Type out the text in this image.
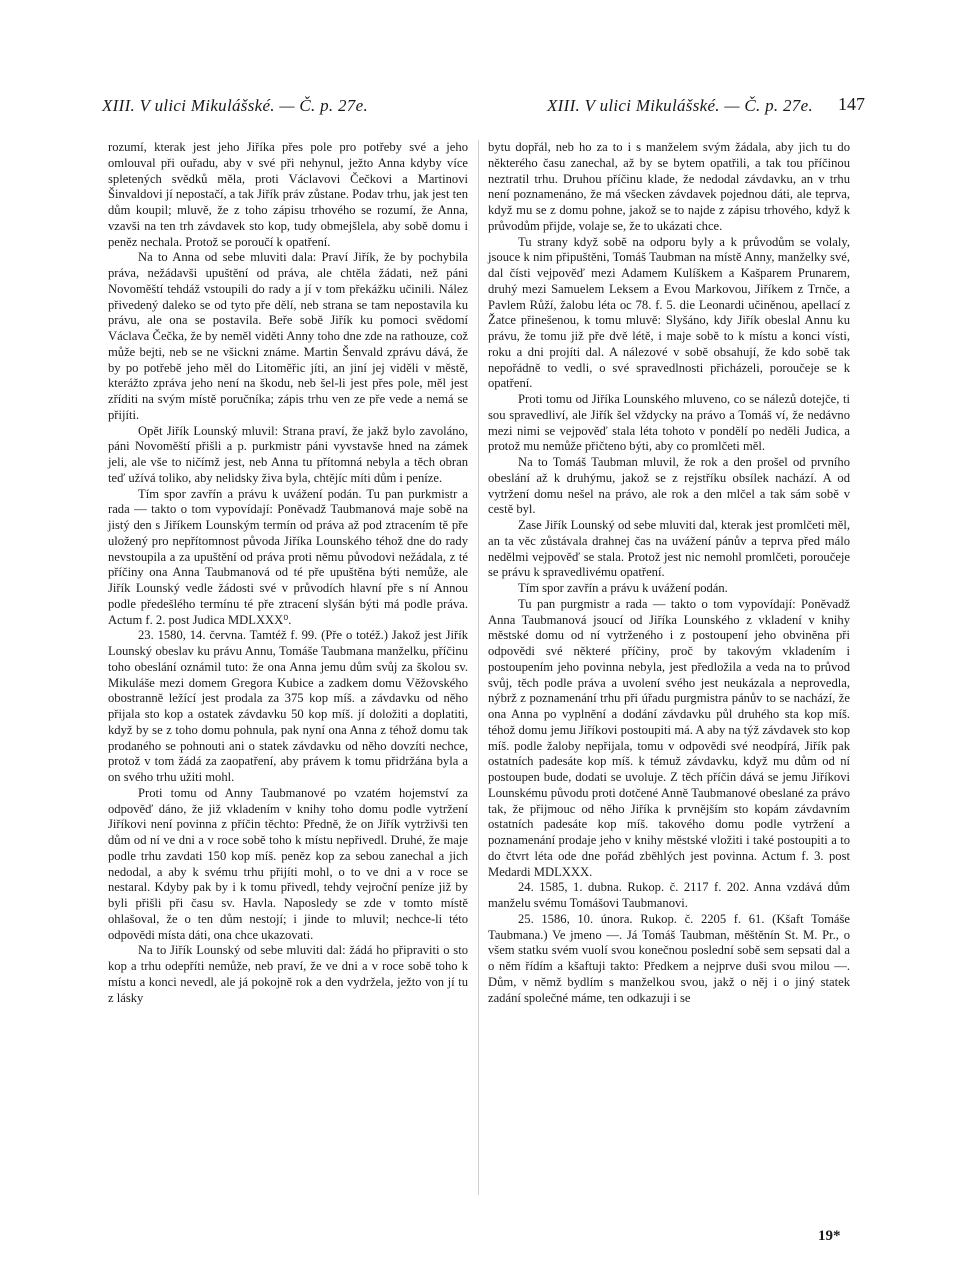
XIII. V ulici Mikulášské. — Č. p. 27e.	XIII. V ulici Mikulášské. — Č. p. 27e.	147

rozumí, kterak jest jeho Jiříka přes pole pro potřeby své a jeho omlouval při ouřadu, aby v své při nehynul, ježto Anna kdyby více spletených svědků měla, proti Václavovi Čečkovi a Martinovi Šinvaldovi jí nepostačí, a tak Jiřík práv zůstane. Podav trhu, jak jest ten dům koupil; mluvě, že z toho zápisu trhového se rozumí, že Anna, vzavši na ten trh závdavek sto kop, tudy obmejšlela, aby sobě domu i peněz nechala. Protož se poroučí k opatření.

Na to Anna od sebe mluviti dala: Praví Jiřík, že by pochybila práva, nežádavši upuštění od práva, ale chtěla žádati, než páni Novoměští tehdáž vstoupili do rady a jí v tom překážku učinili. Nález přivedený daleko se od tyto pře dělí, neb strana se tam nepostavila ku právu, ale ona se postavila. Beře sobě Jiřík ku pomoci svědomí Václava Čečka, že by neměl viděti Anny toho dne zde na rathouze, což může bejti, neb se ne všickni známe. Martin Šenvald zprávu dává, že by po potřebě jeho měl do Litoměřic jíti, an jiní jej viděli v městě, kterážto zpráva jeho není na škodu, neb šel-li jest přes pole, měl jest zříditi na svým místě poručníka; zápis trhu ven ze pře vede a nemá se přijíti.

Opět Jiřík Lounský mluvil: Strana praví, že jakž bylo zavoláno, páni Novoměští přišli a p. purkmistr páni vyvstavše hned na zámek jeli, ale vše to ničímž jest, neb Anna tu přítomná nebyla a těch obran teď užívá toliko, aby nelidsky živa byla, chtějíc míti dům i peníze.

Tím spor zavřín a právu k uvážení podán. Tu pan purkmistr a rada — takto o tom vypovídají: Poněvadž Taubmanová maje sobě na jistý den s Jiříkem Lounským termín od práva až pod ztracením tě pře uložený pro nepřítomnost původa Jiříka Lounského téhož dne do rady nevstoupila a za upuštění od práva proti němu původovi nežádala, z té příčiny ona Anna Taubmanová od té pře upuštěna býti nemůže, ale Jiřík Lounský vedle žádosti své v průvodích hlavní pře s ní Annou podle předešlého termínu té pře ztracení slyšán býti má podle práva. Actum f. 2. post Judica MDLXXX⁰.

23. 1580, 14. června. Tamtéž f. 99. (Pře o totéž.) Jakož jest Jiřík Lounský obeslav ku právu Annu, Tomáše Taubmana manželku, příčinu toho obeslání oznámil tuto: že ona Anna jemu dům svůj za školou sv. Mikuláše mezi domem Gregora Kubice a zadkem domu Věžovského obostranně ležící jest prodala za 375 kop míš. a závdavku od něho přijala sto kop a ostatek závdavku 50 kop míš. jí doložiti a doplatiti, když by se z toho domu pohnula, pak nyní ona Anna z téhož domu tak prodaného se pohnouti ani o statek závdavku od něho dovzíti nechce, protož v tom žádá za zaopatření, aby právem k tomu přidržána byla a on svého trhu užiti mohl.

Proti tomu od Anny Taubmanové po vzatém hojemství za odpověď dáno, že již vkladením v knihy toho domu podle vytržení Jiříkovi není povinna z příčin těchto: Předně, že on Jiřík vytrživši ten dům od ní ve dni a v roce sobě toho k místu nepřivedl. Druhé, že maje podle trhu zavdati 150 kop míš. peněz kop za sebou zanechal a jich nedodal, a aby k svému trhu přijíti mohl, o to ve dni a v roce se nestaral. Kdyby pak by i k tomu přivedl, tehdy vejroční peníze již by byli přišli při času sv. Havla. Naposledy se zde v tomto místě ohlašoval, že o ten dům nestojí; i jinde to mluvil; nechce-li této odpovědi místa dáti, ona chce ukazovati.

Na to Jiřík Lounský od sebe mluviti dal: žádá ho připraviti o sto kop a trhu odepříti nemůže, neb praví, že ve dni a v roce sobě toho k místu a konci nevedl, ale já pokojně rok a den vydržela, ježto von jí tu z lásky

bytu dopřál, neb ho za to i s manželem svým žádala, aby jich tu do některého času zanechal, až by se bytem opatřili, a tak tou příčinou neztratil trhu. Druhou příčinu klade, že nedodal závdavku, an v trhu není poznamenáno, že má všecken závdavek pojednou dáti, ale teprva, když mu se z domu pohne, jakož se to najde z zápisu trhového, když k průvodům přijde, volaje se, že to ukázati chce.

Tu strany když sobě na odporu byly a k průvodům se volaly, jsouce k nim připuštěni, Tomáš Taubman na místě Anny, manželky své, dal čísti vejpověď mezi Adamem Kulíškem a Kašparem Prunarem, druhý mezi Samuelem Leksem a Evou Markovou, Jiříkem z Trnče, a Pavlem Růží, žalobu léta oc 78. f. 5. die Leonardi učiněnou, apellací z Žatce přinešenou, k tomu mluvě: Slyšáno, kdy Jiřík obeslal Annu ku právu, že tomu již pře dvě létě, i maje sobě to k místu a konci vísti, roku a dni projíti dal. A nálezové v sobě obsahují, že kdo sobě tak nepořádně to vedli, o své spravedlnosti přicházeli, poroučeje se k opatření.

Proti tomu od Jiříka Lounského mluveno, co se nálezů dotejče, ti sou spravedliví, ale Jiřík šel vždycky na právo a Tomáš ví, že nedávno mezi nimi se vejpověď stala léta tohoto v pondělí po neděli Judica, a protož mu nemůže přičteno býti, aby co promlčeti měl.

Na to Tomáš Taubman mluvil, že rok a den prošel od prvního obeslání až k druhýmu, jakož se z rejstříku obsílek nachází. A od vytržení domu nešel na právo, ale rok a den mlčel a tak sám sobě v cestě byl.

Zase Jiřík Lounský od sebe mluviti dal, kterak jest promlčeti měl, an ta věc zůstávala drahnej čas na uvážení pánův a teprva před málo nedělmi vejpověď se stala. Protož jest nic nemohl promlčeti, poroučeje se právu k spravedlivému opatření.

Tím spor zavřín a právu k uvážení podán.

Tu pan purgmistr a rada — takto o tom vypovídají: Poněvadž Anna Taubmanová jsoucí od Jiříka Lounského z vkladení v knihy městské domu od ní vytrženého i z postoupení jeho obviněna při odpovědi své některé příčiny, proč by takovým vkladením i postoupením jeho povinna nebyla, jest předložila a veda na to průvod svůj, těch podle práva a uvolení svého jest neukázala a neprovedla, nýbrž z poznamenání trhu při úřadu purgmistra pánův to se nachází, že ona Anna po vyplnění a dodání závdavku půl druhého sta kop míš. téhož domu jemu Jiříkovi postoupiti má. A aby na týž závdavek sto kop míš. podle žaloby nepřijala, tomu v odpovědi své neodpírá, Jiřík pak ostatních padesáte kop míš. k témuž závdavku, když mu dům od ní postoupen bude, dodati se uvoluje. Z těch příčin dává se jemu Jiříkovi Lounskému původu proti dotčené Anně Taubmanové obeslané za právo tak, že přijmouc od něho Jiříka k prvnějším sto kopám závdavním ostatních padesáte kop míš. takového domu podle vytržení a poznamenání prodaje jeho v knihy městské vložiti i také postoupiti a to do čtvrt léta ode dne pořád zběhlých jest povinna. Actum f. 3. post Medardi MDLXXX.

24. 1585, 1. dubna. Rukop. č. 2117 f. 202. Anna vzdává dům manželu svému Tomášovi Taubmanovi.

25. 1586, 10. února. Rukop. č. 2205 f. 61. (Kšaft Tomáše Taubmana.) Ve jmeno —. Já Tomáš Taubman, měštěnín St. M. Pr., o všem statku svém vuolí svou konečnou poslední sobě sem sepsati dal a o něm řídím a kšaftuji takto: Předkem a nejprve duši svou milou —. Dům, v němž bydlím s manželkou svou, jakž o něj i o jiný statek zadání společné máme, ten odkazuji i se

19*
